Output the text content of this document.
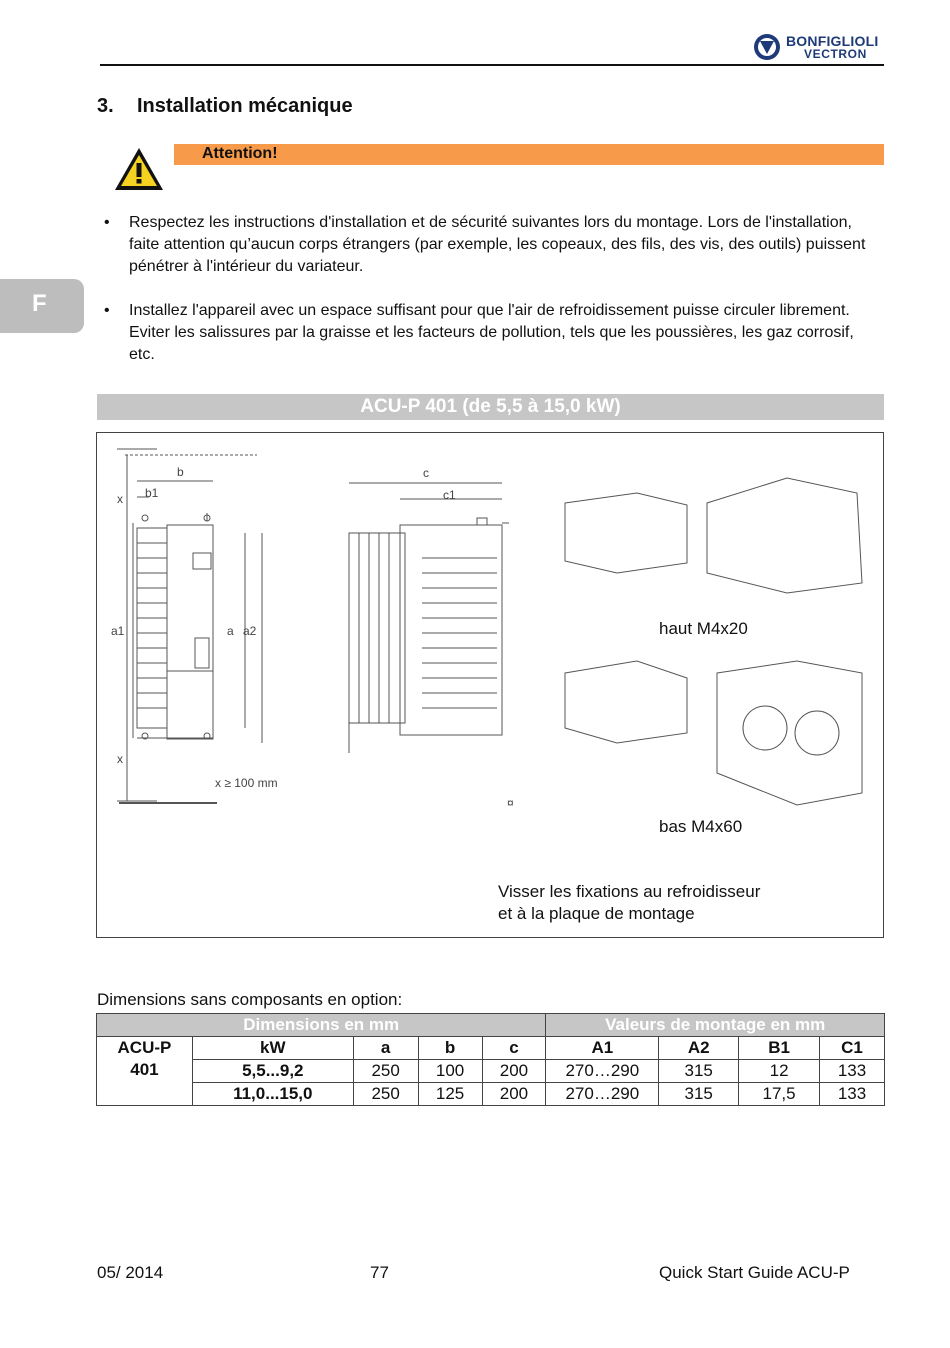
BONFIGLIOLI
VECTRON
3. Installation mécanique
Attention!
• Respectez les instructions d'installation et de sécurité suivantes lors du montage. Lors de l'installation, faite attention qu’aucun corps étrangers (par exemple, les copeaux, des fils, des vis, des outils) puissent pénétrer à l'intérieur du variateur.
• Installez l'appareil avec un espace suffisant pour que l'air de refroidissement puisse circuler librement. Eviter les salissures par la graisse et les facteurs de pollution, tels que les poussières, les gaz corrosif, etc.
F
ACU-P 401 (de 5,5 à 15,0 kW)
b
b1
x
a1	a a2
x
x ≥ 100 mm
c
c1
¤
haut M4x20
bas M4x60
Visser les fixations au refroidisseur
et à la plaque de montage
Dimensions sans composants en option:
Dimensions en mm					Valeurs de montage en mm			

ACU-P
401	kW	a	b	c	A1	A2	B1	C1
	5,5...9,2	250	100	200	270…290	315	12	133
	11,0...15,0	250	125	200	270…290	315	17,5	133
05/ 2014	77	Quick Start Guide ACU-P
